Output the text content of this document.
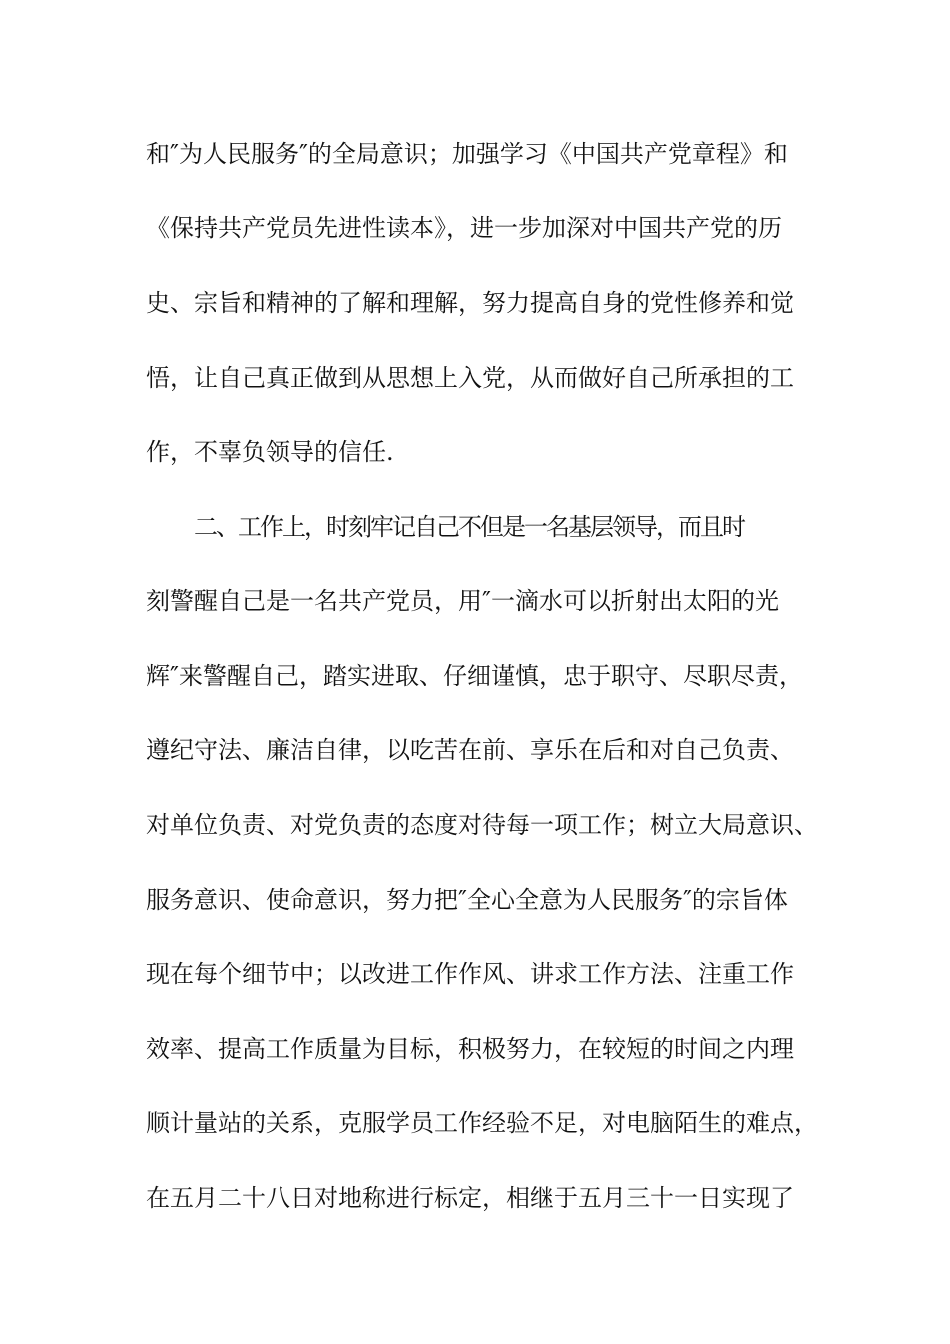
和″为人民服务″的全局意识；加强学习《中国共产党章程》和
《保持共产党员先进性读本》，进一步加深对中国共产党的历
史、宗旨和精神的了解和理解，努力提高自身的党性修养和觉
悟，让自己真正做到从思想上入党，从而做好自己所承担的工
作，不辜负领导的信任.
二、工作上，时刻牢记自己不但是一名基层领导，而且时
刻警醒自己是一名共产党员，用″一滴水可以折射出太阳的光
辉″来警醒自己，踏实进取、仔细谨慎，忠于职守、尽职尽责，
遵纪守法、廉洁自律，以吃苦在前、享乐在后和对自己负责、
对单位负责、对党负责的态度对待每一项工作；树立大局意识、
服务意识、使命意识，努力把″全心全意为人民服务″的宗旨体
现在每个细节中；以改进工作作风、讲求工作方法、注重工作
效率、提高工作质量为目标，积极努力，在较短的时间之内理
顺计量站的关系，克服学员工作经验不足，对电脑陌生的难点，
在五月二十八日对地称进行标定，相继于五月三十一日实现了
